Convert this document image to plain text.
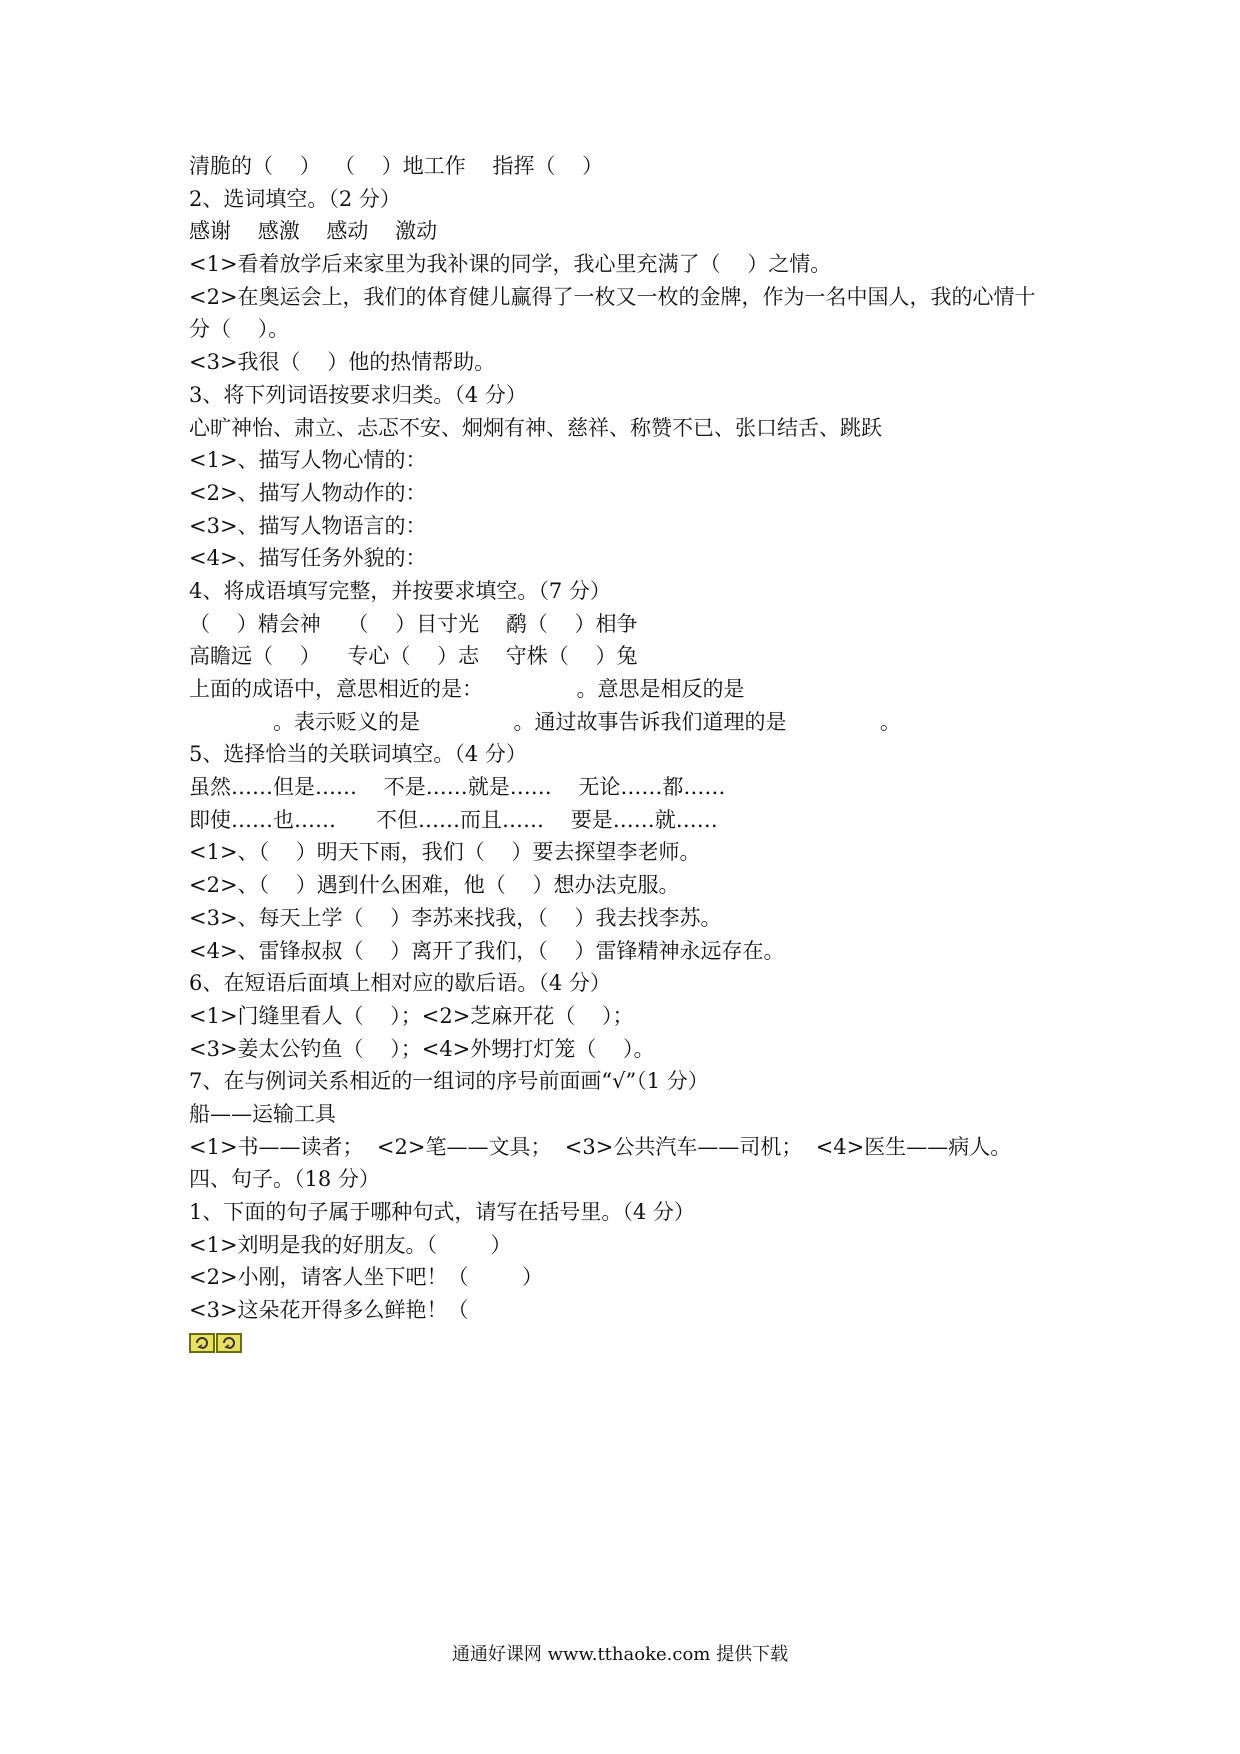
清脆的（    ）  （    ）地工作    指挥（    ）
2、选词填空。（2 分）
感谢    感激    感动    激动
<1>看着放学后来家里为我补课的同学，我心里充满了（    ）之情。
<2>在奥运会上，我们的体育健儿赢得了一枚又一枚的金牌，作为一名中国人，我的心情十
分（    ）。
<3>我很（    ）他的热情帮助。
3、将下列词语按要求归类。（4 分）
心旷神怡、肃立、忐忑不安、炯炯有神、慈祥、称赞不已、张口结舌、跳跃
<1>、描写人物心情的：
<2>、描写人物动作的：
<3>、描写人物语言的：
<4>、描写任务外貌的：
4、将成语填写完整，并按要求填空。（7 分）
（    ）精会神    （    ）目寸光    鹬（    ）相争
高瞻远（    ）    专心（    ）志    守株（    ）兔
上面的成语中，意思相近的是：              。意思是相反的是
。表示贬义的是              。通过故事告诉我们道理的是              。
5、选择恰当的关联词填空。（4 分）
虽然……但是……    不是……就是……    无论……都……
即使……也……      不但……而且……    要是……就……
<1>、（    ）明天下雨，我们（    ）要去探望李老师。
<2>、（    ）遇到什么困难，他（    ）想办法克服。
<3>、每天上学（    ）李苏来找我，（    ）我去找李苏。
<4>、雷锋叔叔（    ）离开了我们，（    ）雷锋精神永远存在。
6、在短语后面填上相对应的歇后语。（4 分）
<1>门缝里看人（    ）；<2>芝麻开花（    ）；
<3>姜太公钓鱼（    ）；<4>外甥打灯笼（    ）。
7、在与例词关系相近的一组词的序号前面画“√”（1 分）
船——运输工具
<1>书——读者；  <2>笔——文具；  <3>公共汽车——司机；  <4>医生——病人。
四、句子。（18 分）
1、下面的句子属于哪种句式，请写在括号里。（4 分）
<1>刘明是我的好朋友。（        ）
<2>小刚，请客人坐下吧！（        ）
<3>这朵花开得多么鲜艳！（
通通好课网 www.tthaoke.com 提供下载
